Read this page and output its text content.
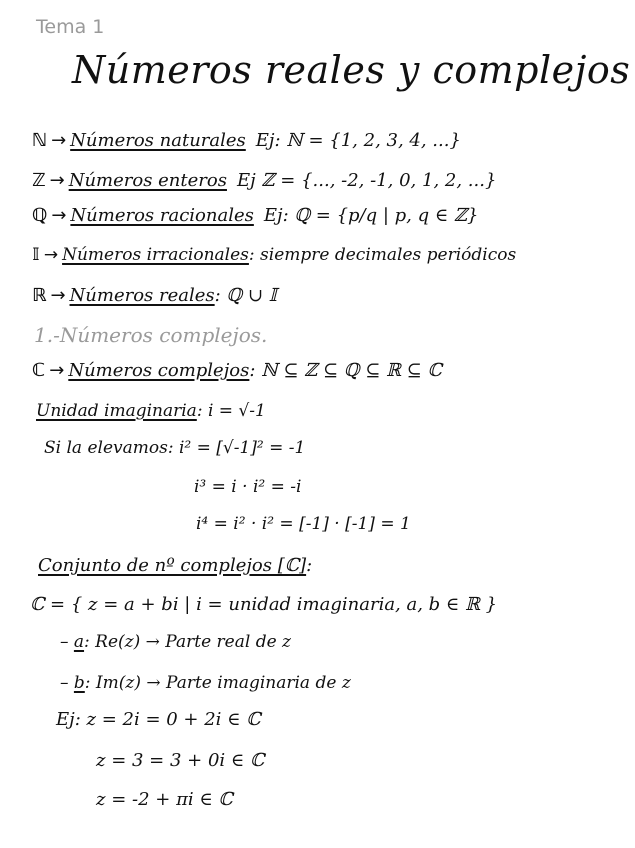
Tema 1
Números reales y complejos
ℕ → Números naturales Ej: ℕ = {1, 2, 3, 4, ...}
ℤ → Números enteros Ej ℤ = {..., -2, -1, 0, 1, 2, ...}
ℚ → Números racionales Ej: ℚ = {p/q | p, q ∈ ℤ}
𝕀 → Números irracionales: siempre decimales periódicos
ℝ → Números reales: ℚ ∪ 𝕀
1.-Números complejos.
ℂ → Números complejos: ℕ ⊆ ℤ ⊆ ℚ ⊆ ℝ ⊆ ℂ
Unidad imaginaria: i = √-1
Si la elevamos: i² = [√-1]² = -1
i³ = i · i² = -i
i⁴ = i² · i² = [-1] · [-1] = 1
Conjunto de nº complejos [ℂ]:
ℂ = { z = a + bi | i = unidad imaginaria, a, b ∈ ℝ }
– a: Re(z) → Parte real de z
– b: Im(z) → Parte imaginaria de z
Ej: z = 2i = 0 + 2i ∈ ℂ
z = 3 = 3 + 0i ∈ ℂ
z = -2 + πi ∈ ℂ
